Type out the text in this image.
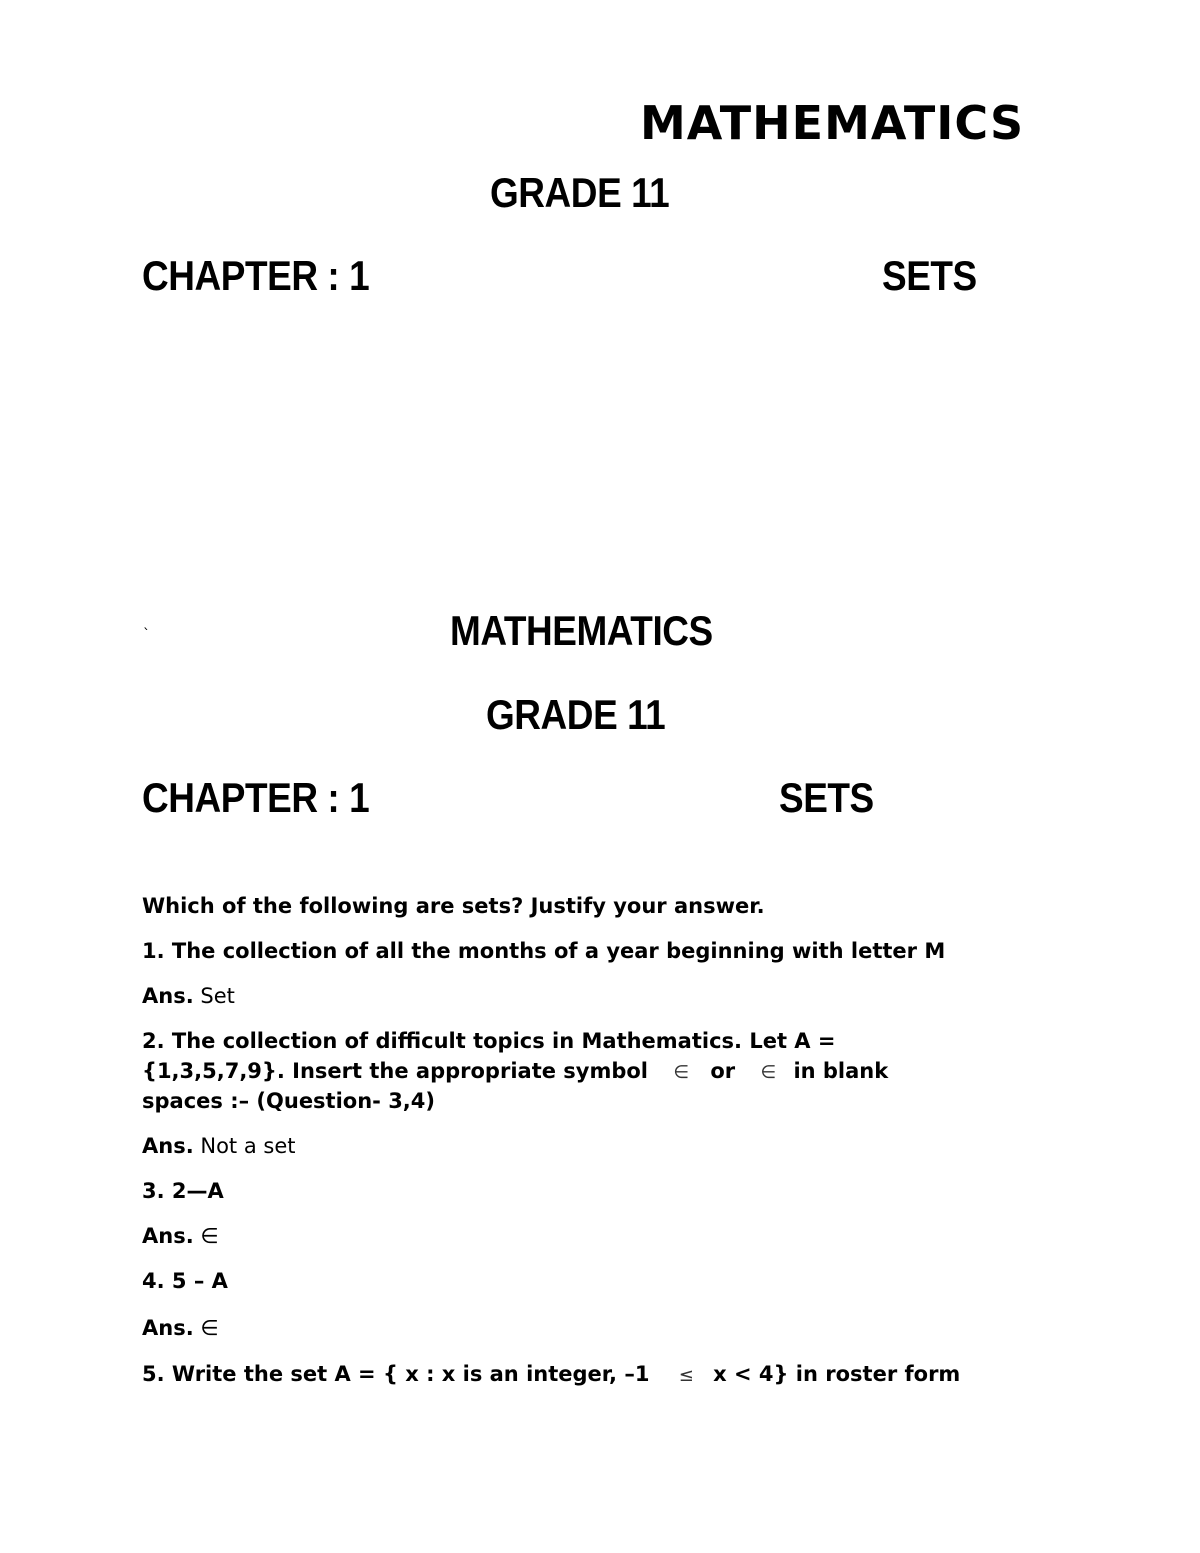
MATHEMATICS
GRADE 11
CHAPTER : 1	SETS
`	MATHEMATICS
GRADE 11
CHAPTER : 1	SETS
Which of the following are sets? Justify your answer.
1. The collection of all the months of a year beginning with letter M
Ans. Set
2. The collection of difficult topics in Mathematics. Let A =
{1,3,5,7,9}. Insert the appropriate symbol ∈ or ∈ in blank
spaces :– (Question- 3,4)
Ans. Not a set
3. 2—A
Ans. ∈
4. 5 – A
Ans. ∈
5. Write the set A = { x : x is an integer, –1 ≤ x < 4} in roster form
